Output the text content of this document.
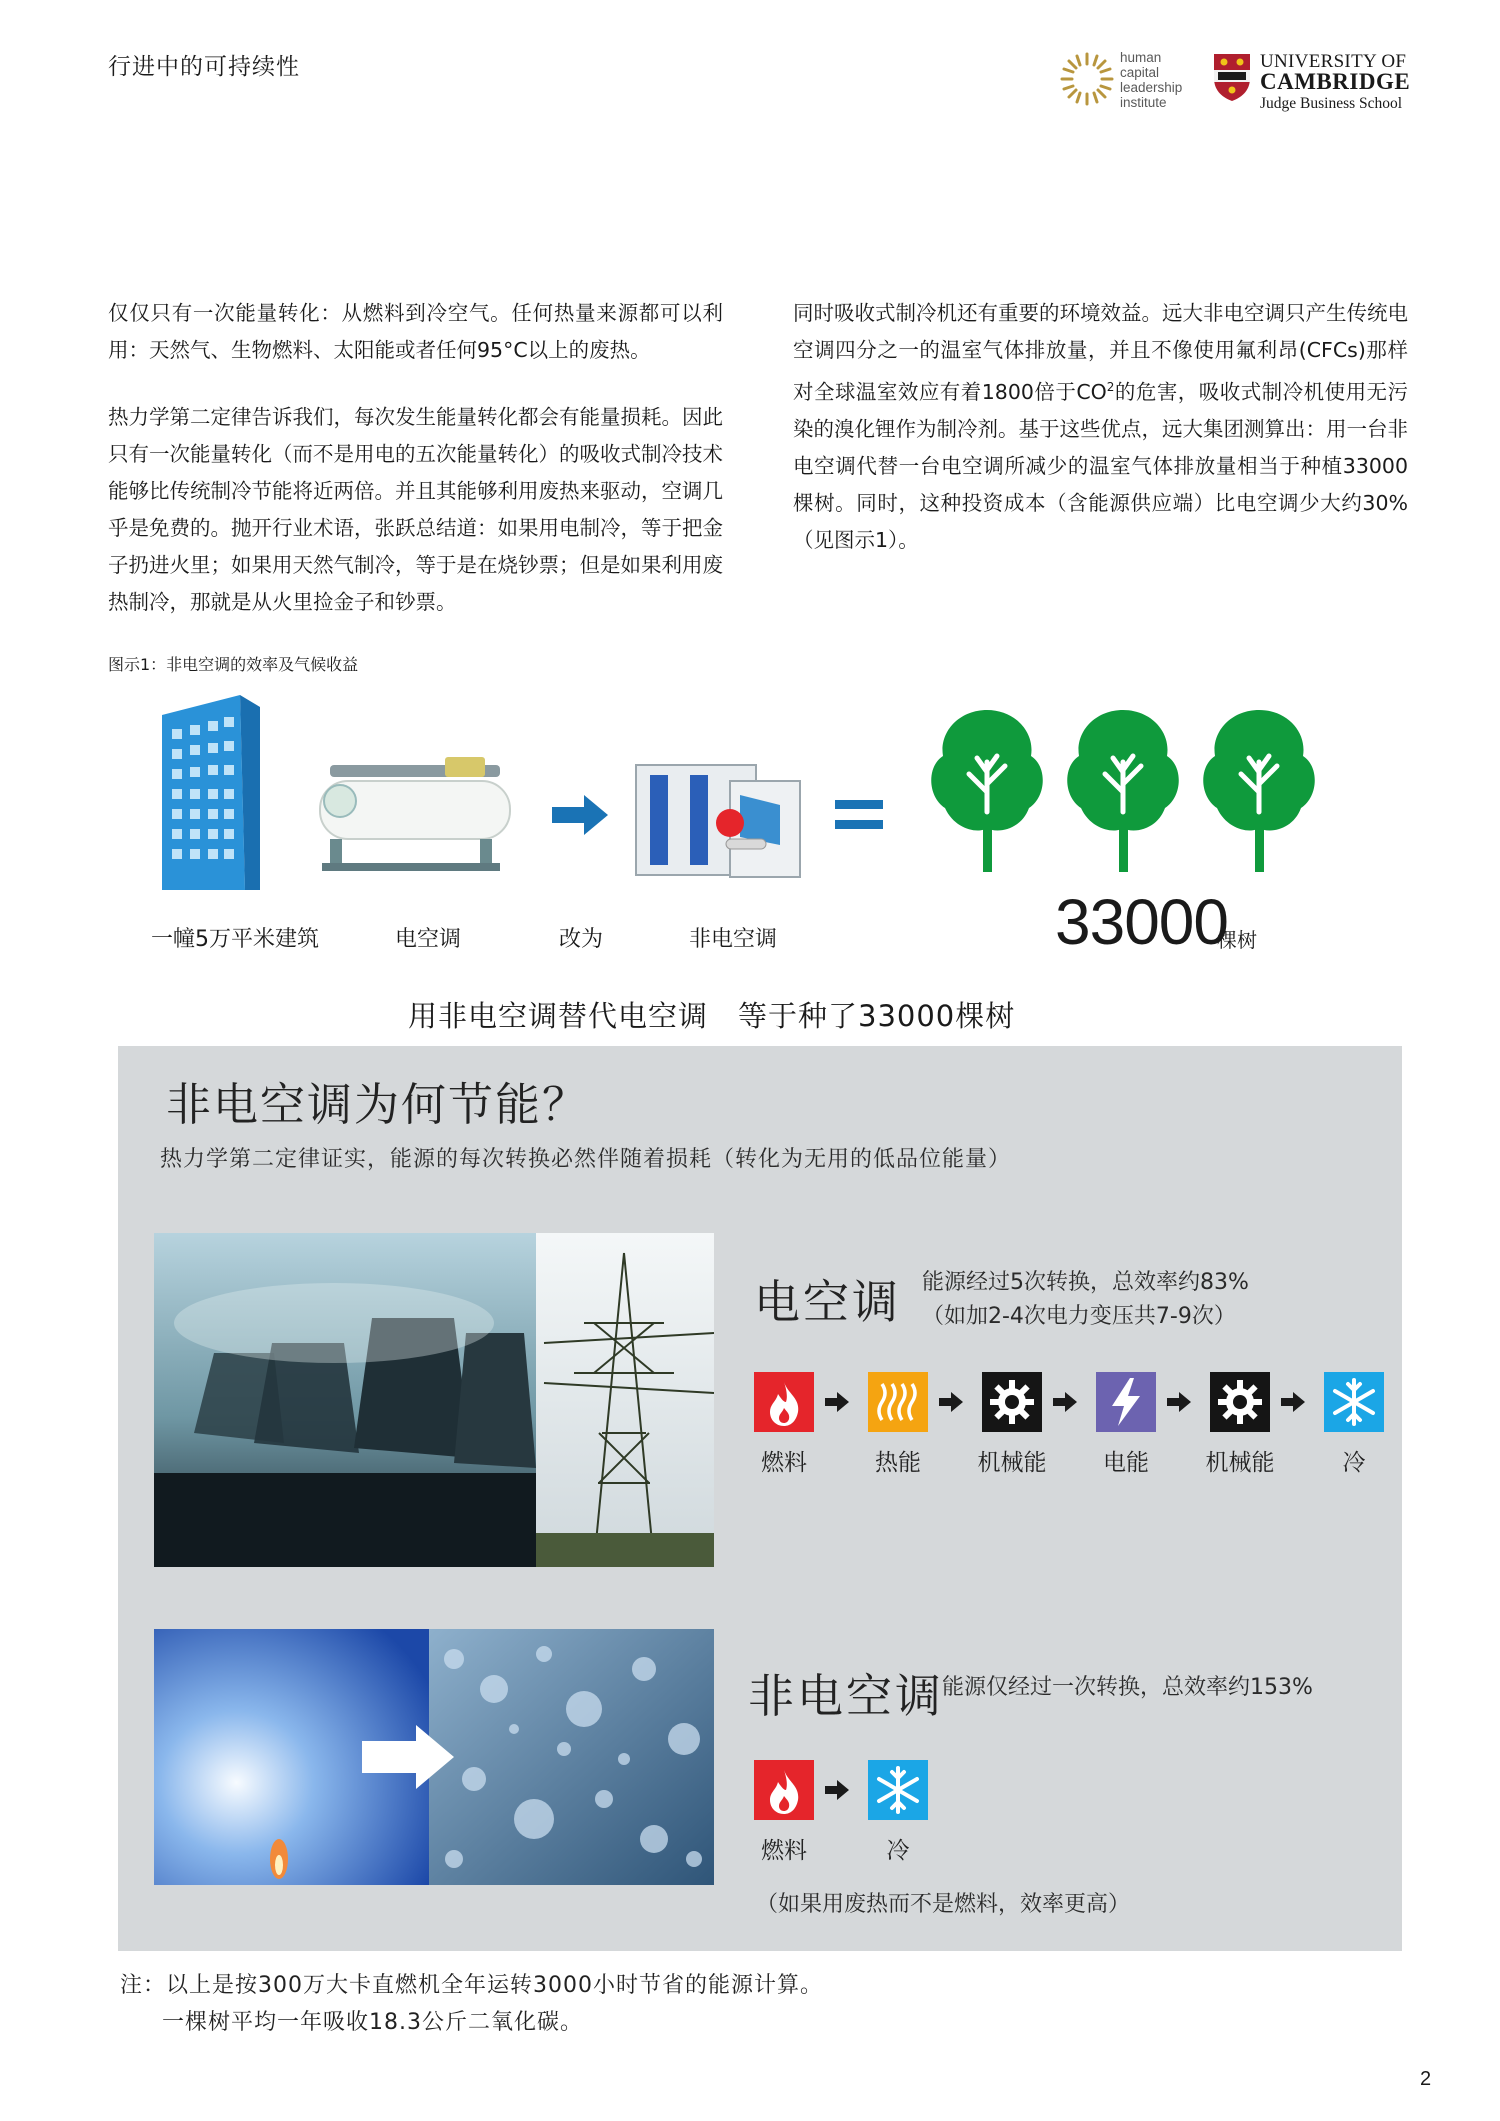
行进中的可持续性	human
capital
leadership
institute
UNIVERSITY OF
CAMBRIDGE
Judge Business School

仅仅只有一次能量转化：从燃料到冷空气。任何热量来源都可以利用：天然气、生物燃料、太阳能或者任何95°C以上的废热。

热力学第二定律告诉我们，每次发生能量转化都会有能量损耗。因此只有一次能量转化（而不是用电的五次能量转化）的吸收式制冷技术能够比传统制冷节能将近两倍。并且其能够利用废热来驱动，空调几乎是免费的。抛开行业术语，张跃总结道：如果用电制冷，等于把金子扔进火里；如果用天然气制冷，等于是在烧钞票；但是如果利用废热制冷，那就是从火里捡金子和钞票。

同时吸收式制冷机还有重要的环境效益。远大非电空调只产生传统电空调四分之一的温室气体排放量，并且不像使用氟利昂(CFCs)那样对全球温室效应有着1800倍于$CO^2$的危害，吸收式制冷机使用无污染的溴化锂作为制冷剂。基于这些优点，远大集团测算出：用一台非电空调代替一台电空调所减少的温室气体排放量相当于种植33000棵树。同时，这种投资成本（含能源供应端）比电空调少大约30%（见图示1）。

图示1：非电空调的效率及气候收益
一幢5万平米建筑	电空调	改为	非电空调	33000
棵树
用非电空调替代电空调　等于种了33000棵树
非电空调为何节能？
热力学第二定律证实，能源的每次转换必然伴随着损耗（转化为无用的低品位能量）
电空调 能源经过5次转换，总效率约83%
（如加2-4次电力变压共7-9次）
燃料	热能	机械能	电能	机械能	冷
非电空调
能源仅经过一次转换，总效率约153%
燃料	冷
（如果用废热而不是燃料，效率更高）
注：以上是按300万大卡直燃机全年运转3000小时节省的能源计算。
一棵树平均一年吸收18.3公斤二氧化碳。
2
